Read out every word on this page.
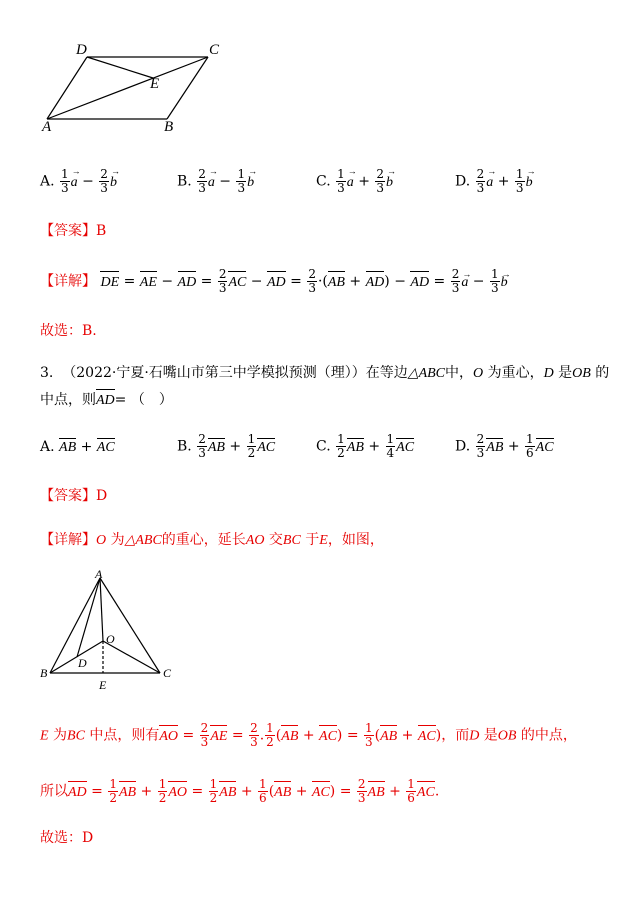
D	C
E
A	B
A. $\frac{1}{3}$ a → − $\frac{2}{3}$ b →	B. $\frac{2}{3}$ a → − $\frac{1}{3}$ b →	C. $\frac{1}{3}$ a → + $\frac{2}{3}$ b →	D. $\frac{2}{3}$ a → + $\frac{1}{3}$ b →
【答案】B
【详解】 DE = AE − AD = $\frac{2}{3}$ AC − AD = $\frac{2}{3} \cdot(AB + AD)$ − AD = $\frac{2}{3}$ a → − $\frac{1}{3}$ b →
故选：B.
3. （2022·宁夏·石嘴山市第三中学模拟预测（理））在等边△ABC中，O 为重心，D 是OB 的
中点，则AD= （　）
A. AB + AC	B. $\frac{2}{3}$ AB + $\frac{1}{2}$ AC	C. $\frac{1}{2}$ AB + $\frac{1}{4}$ AC	D. $\frac{2}{3}$ AB + $\frac{1}{6}$ AC
【答案】D
【详解】O 为△ABC的重心，延长AO 交BC 于E，如图，
A
O
D
B	C
E
E 为BC 中点，则有AO = $\frac{2}{3}$ AE = $\frac{2}{3}$ . $\frac{1}{2} (AB + AC) = \frac{1}{3} (AB + AC)$，而D 是OB 的中点，
所以AD = $\frac{1}{2}$ AB + $\frac{1}{2}$ AO = $\frac{1}{2}$ AB + $\frac{1}{6} (AB + AC) = \frac{2}{3}$ AB + $\frac{1}{6}$ AC.
故选：D
